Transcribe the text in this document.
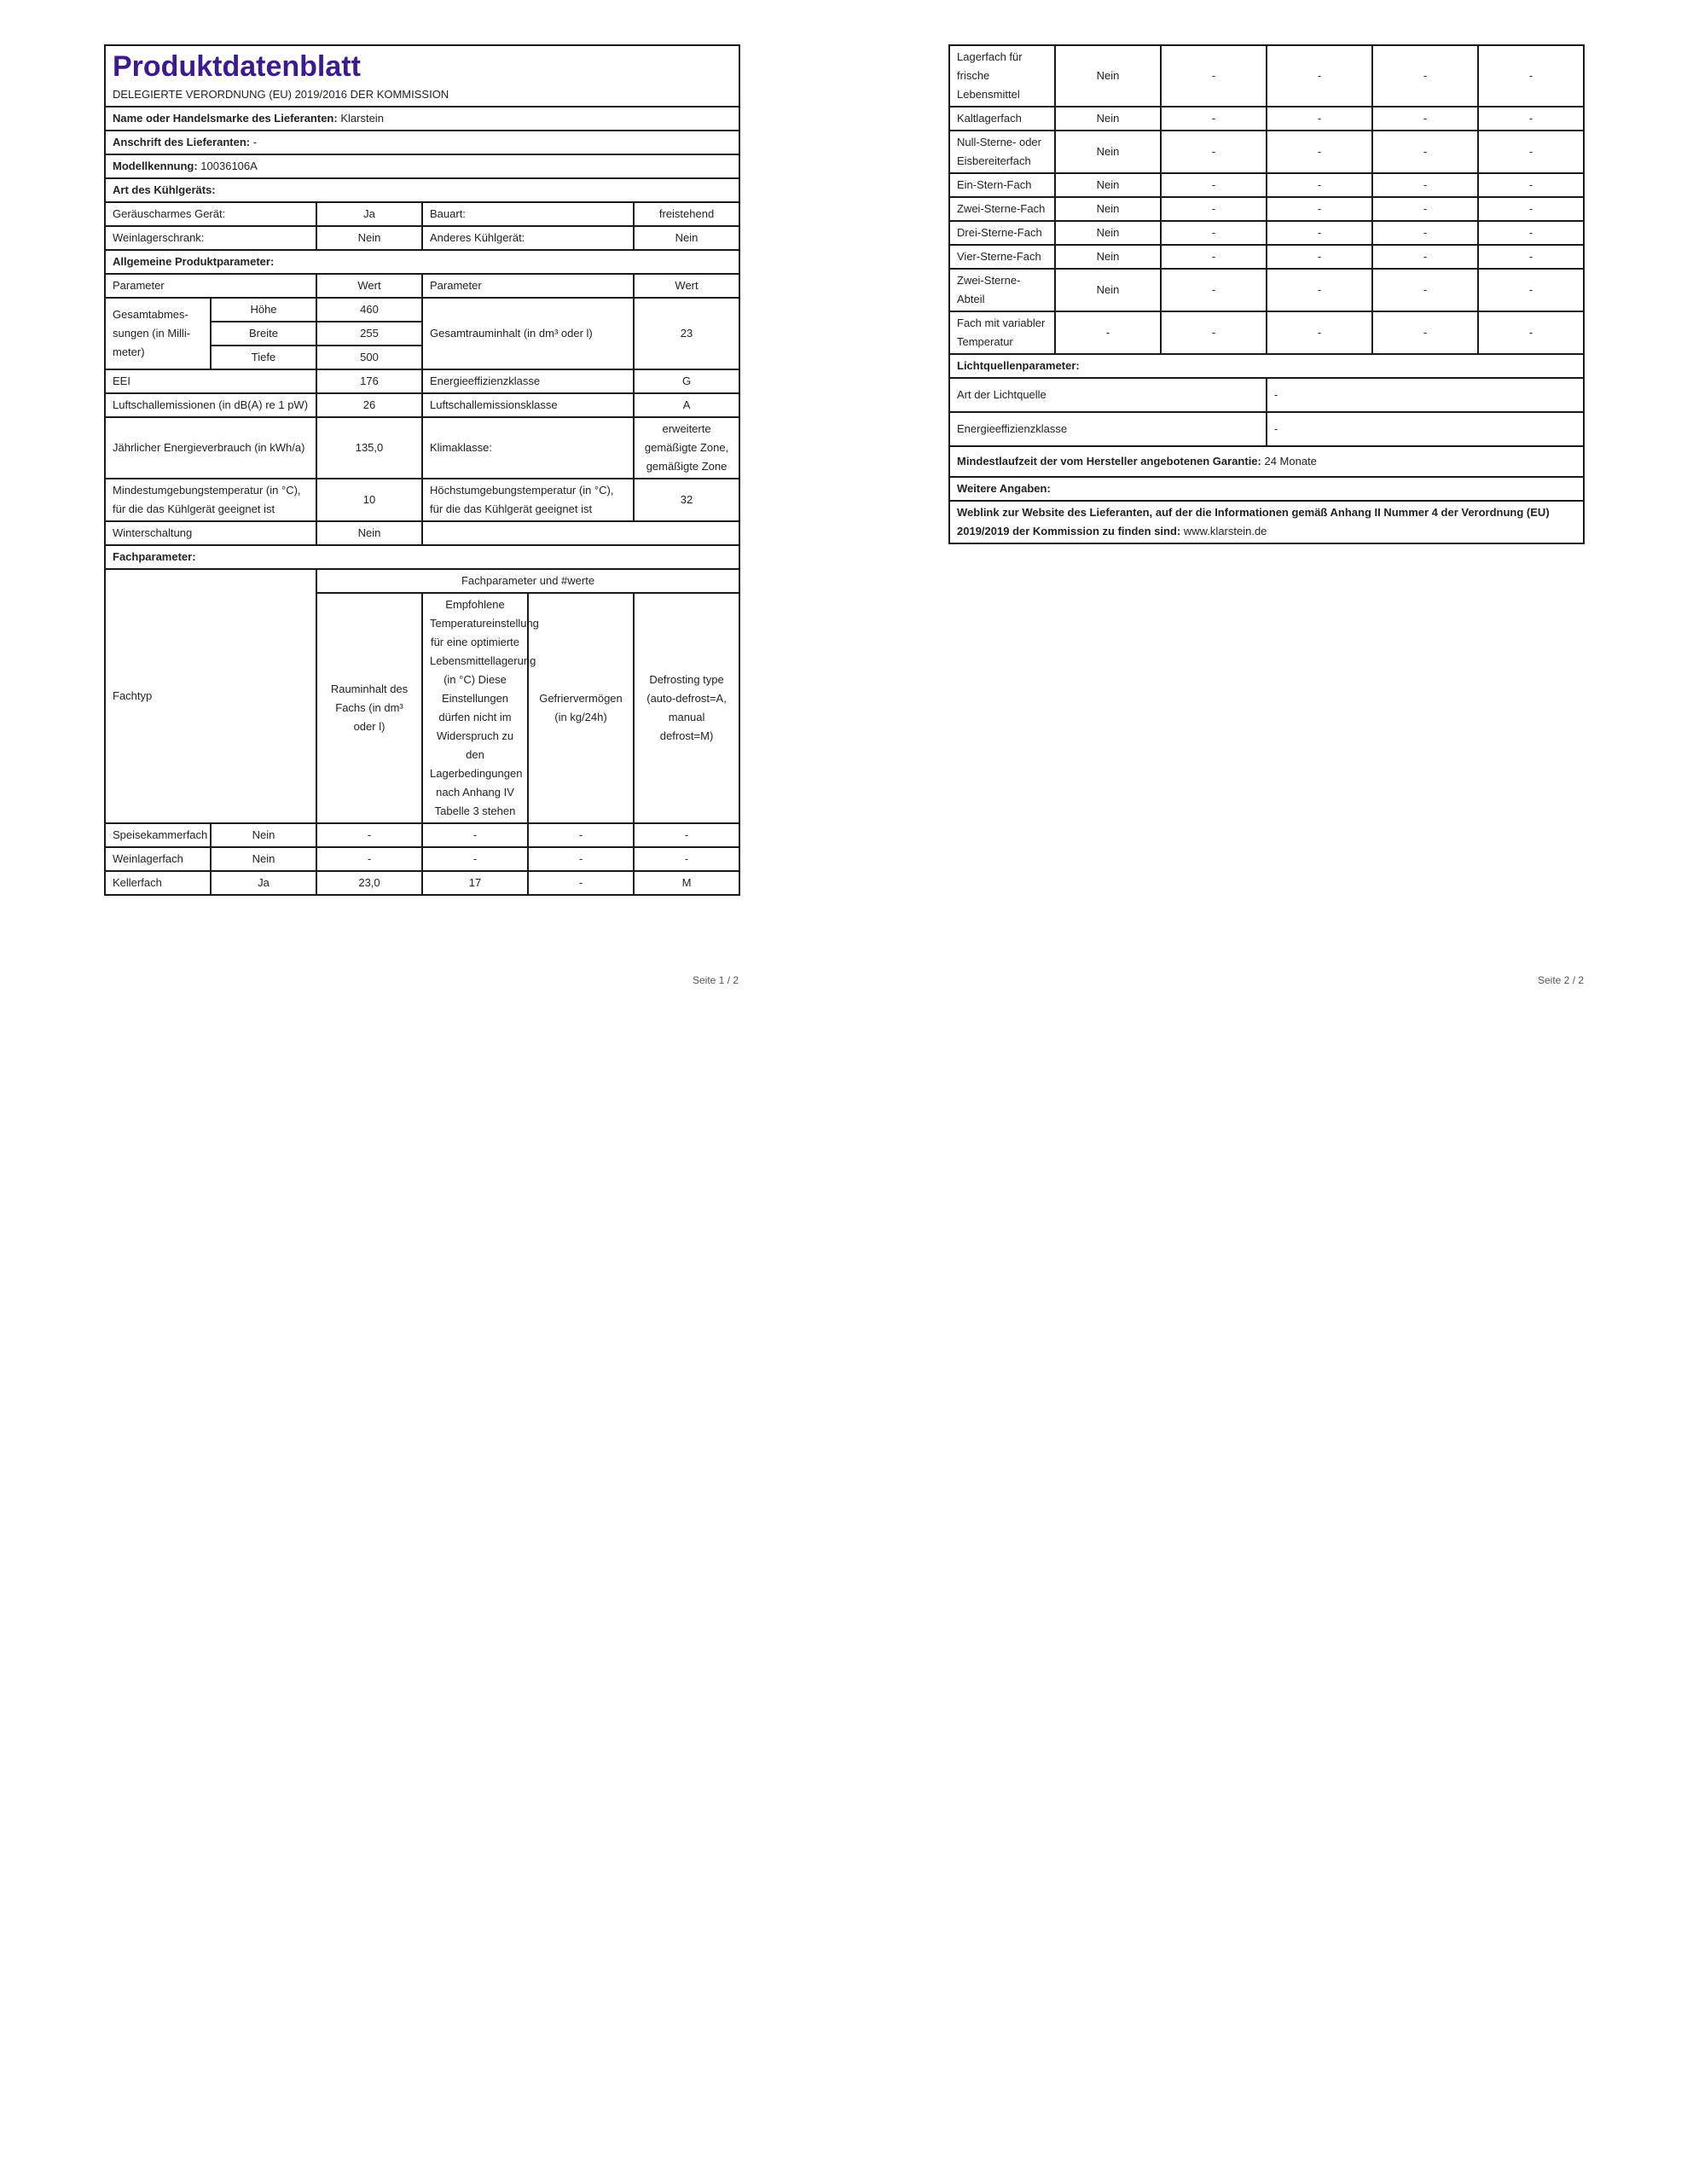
Produktdatenblatt
DELEGIERTE VERORDNUNG (EU) 2019/2016 DER KOMMISSION					

Name oder Handelsmarke des Lieferanten: Klarstein					
Anschrift des Lieferanten: -					
Modellkennung: 10036106A					
Art des Kühlgeräts:					
Geräuscharmes Gerät:		Ja	Bauart:		freistehend
Weinlagerschrank:		Nein	Anderes Kühlgerät:		Nein
Allgemeine Produktparameter:					
Parameter		Wert	Parameter		Wert
Gesamtabmes-sungen (in Milli-meter)	Höhe	460	Gesamtrauminhalt (in dm³ oder l)		23
	Breite	255			
	Tiefe	500			
EEI		176	Energieeffizienzklasse		G
Luftschallemissionen (in dB(A) re 1 pW)		26	Luftschallemissionsklasse		A
Jährlicher Energieverbrauch (in kWh/a)		135,0	Klimaklasse:		erweiterte gemäßigte Zone, gemäßigte Zone
Mindestumgebungstemperatur (in °C), für die das Kühlgerät geeignet ist		10	Höchstumgebungstemperatur (in °C), für die das Kühlgerät geeignet ist		32
Winterschaltung		Nein			
Fachparameter:					
Fachtyp		Fachparameter und #werte			
		Rauminhalt des Fachs (in dm³ oder l)	Empfohlene Temperatureinstellung für eine optimierte Lebensmittellagerung (in °C) Diese Einstellungen dürfen nicht im Widerspruch zu den Lagerbedingungen nach Anhang IV Tabelle 3 stehen	Gefriervermögen (in kg/24h)	Defrosting type (auto-defrost=A, manual defrost=M)
Speisekammerfach	Nein	-	-	-	-
Weinlagerfach	Nein	-	-	-	-
Kellerfach	Ja	23,0	17	-	M
Seite 1 / 2
Lagerfach für frische Lebensmittel	Nein	-	-	-	-
Kaltlagerfach	Nein	-	-	-	-
Null-Sterne- oder Eisbereiterfach	Nein	-	-	-	-
Ein-Stern-Fach	Nein	-	-	-	-
Zwei-Sterne-Fach	Nein	-	-	-	-
Drei-Sterne-Fach	Nein	-	-	-	-
Vier-Sterne-Fach	Nein	-	-	-	-
Zwei-Sterne-Abteil	Nein	-	-	-	-
Fach mit variabler Temperatur	-	-	-	-	-
Lichtquellenparameter:					
Art der Lichtquelle			-		
Energieeffizienzklasse			-		
Mindestlaufzeit der vom Hersteller angebotenen Garantie: 24 Monate					
Weitere Angaben:					
Weblink zur Website des Lieferanten, auf der die Informationen gemäß Anhang II Nummer 4 der Verordnung (EU) 2019/2019 der Kommission zu finden sind: www.klarstein.de					
Seite 2 / 2
